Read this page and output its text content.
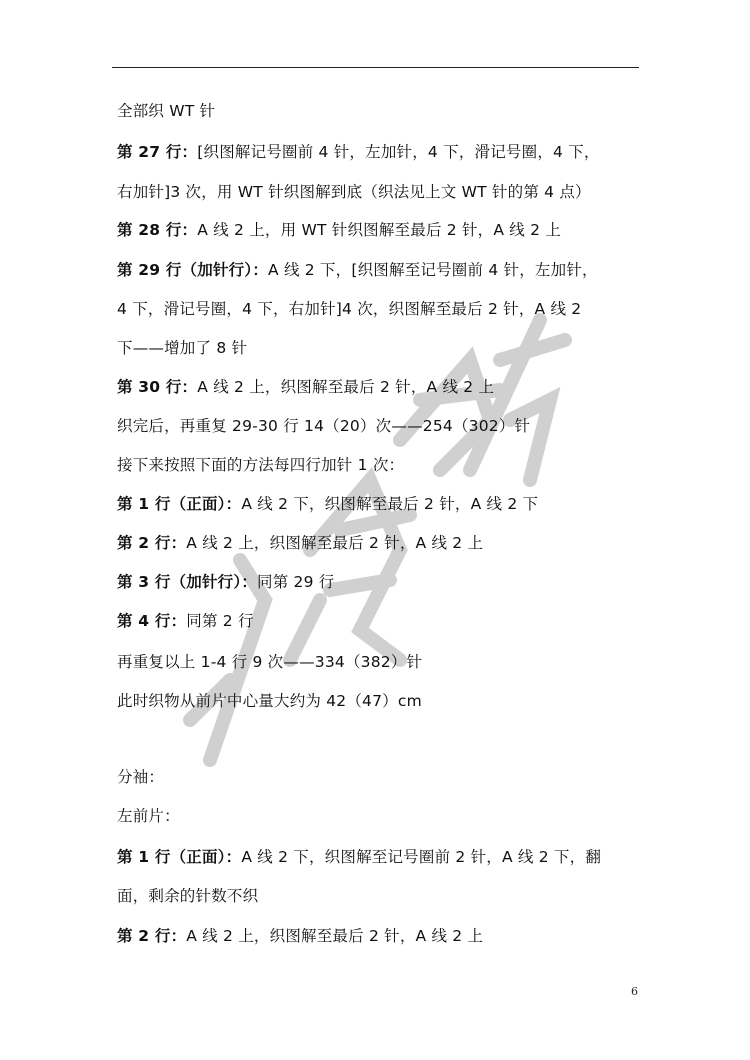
全部织 WT 针
第 27 行：[织图解记号圈前 4 针，左加针，4 下，滑记号圈，4 下，
右加针]3 次，用 WT 针织图解到底（织法见上文 WT 针的第 4 点）
第 28 行：A 线 2 上，用 WT 针织图解至最后 2 针，A 线 2 上
第 29 行（加针行）：A 线 2 下，[织图解至记号圈前 4 针，左加针，
4 下，滑记号圈，4 下，右加针]4 次，织图解至最后 2 针，A 线 2
下——增加了 8 针
第 30 行：A 线 2 上，织图解至最后 2 针，A 线 2 上
织完后，再重复 29-30 行 14（20）次——254（302）针
接下来按照下面的方法每四行加针 1 次：
第 1 行（正面）：A 线 2 下，织图解至最后 2 针，A 线 2 下
第 2 行：A 线 2 上，织图解至最后 2 针，A 线 2 上
第 3 行（加针行）：同第 29 行
第 4 行：同第 2 行
再重复以上 1-4 行 9 次——334（382）针
此时织物从前片中心量大约为 42（47）cm
分袖：
左前片：
第 1 行（正面）：A 线 2 下，织图解至记号圈前 2 针，A 线 2 下，翻
面，剩余的针数不织
第 2 行：A 线 2 上，织图解至最后 2 针，A 线 2 上
6
